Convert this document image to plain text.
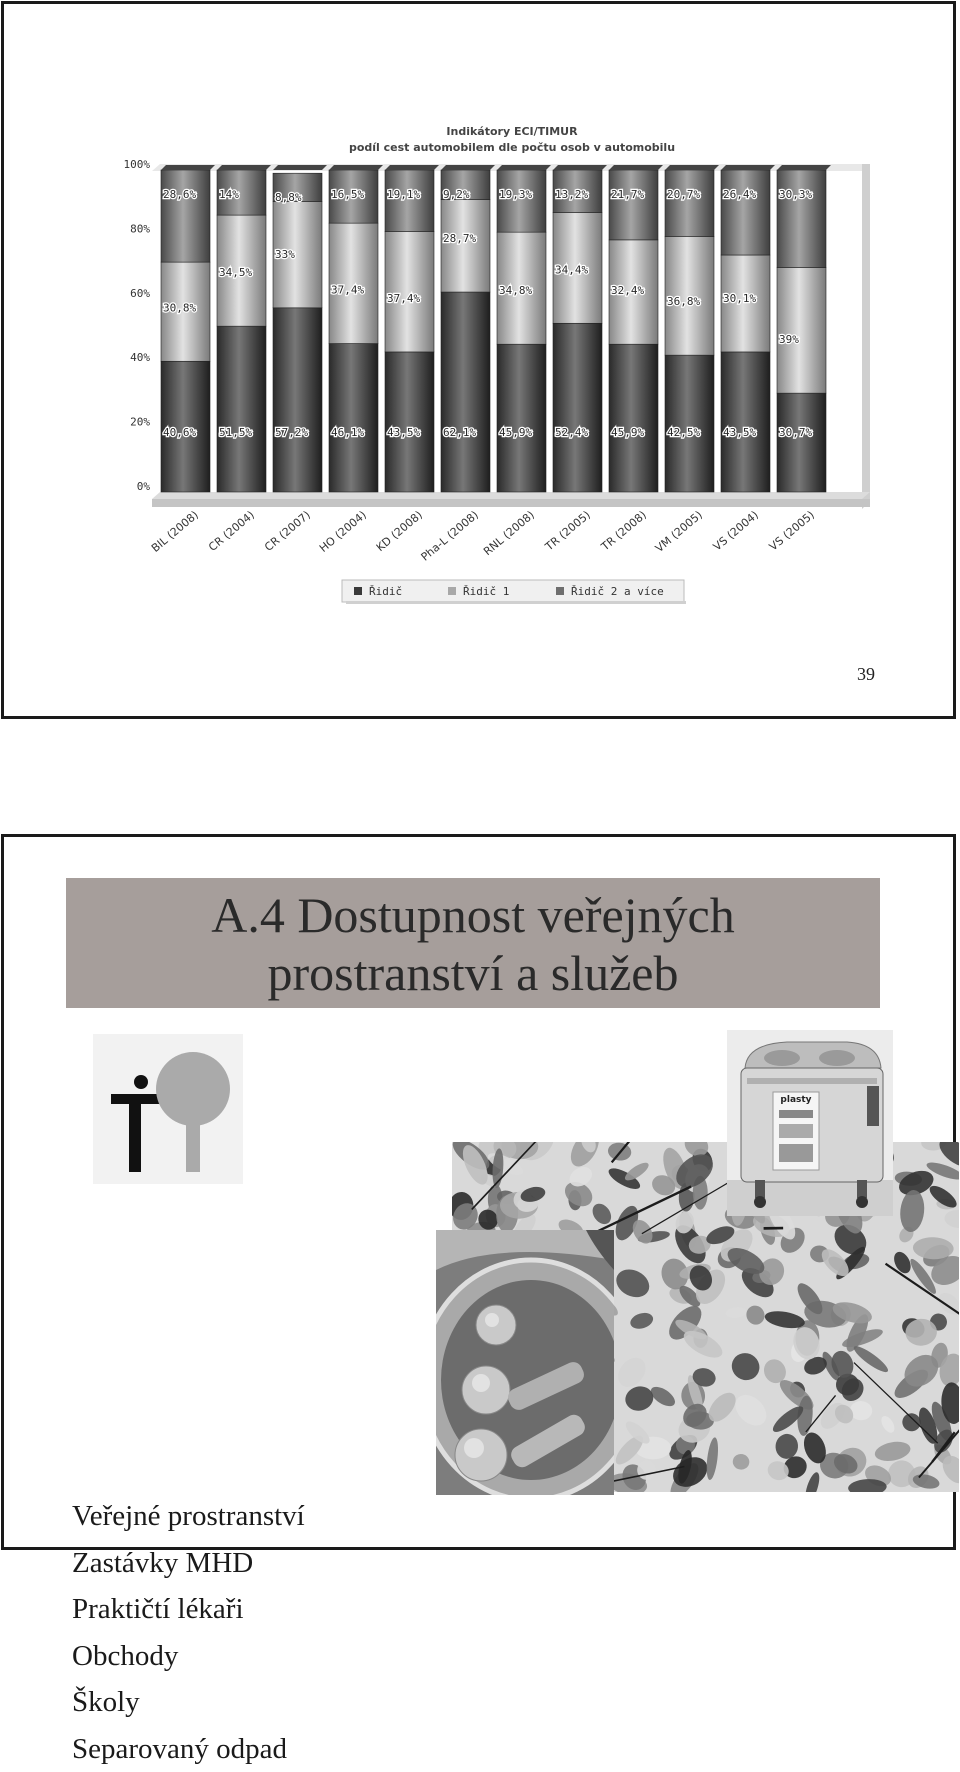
Indikátory ECI/TIMUR
podíl cest automobilem dle počtu osob v automobilu
0%
20%
40%
60%
80%
100%
40,6%
30,8%
28,6%
51,5%
34,5%
14%
57,2%
33%
8,8%
46,1%
37,4%
16,5%
43,5%
37,4%
19,1%
62,1%
28,7%
9,2%
45,9%
34,8%
19,3%
52,4%
34,4%
13,2%
45,9%
32,4%
21,7%
42,5%
36,8%
20,7%
43,5%
30,1%
26,4%
30,7%
39%
30,3%
BIL (2008) CR (2004) CR (2007) HO (2004) KD (2008)
Pha-L (2008) RNL (2008) TR (2005) TR (2008) VM (2005) VS (2004) VS (2005)
Řidič	Řidič 1	Řidič 2 a více
39
A.4 Dostupnost veřejných
prostranství a služeb
Veřejné prostranství
Zastávky MHD
Praktičtí lékaři
Obchody
Školy
Separovaný odpad
plasty
